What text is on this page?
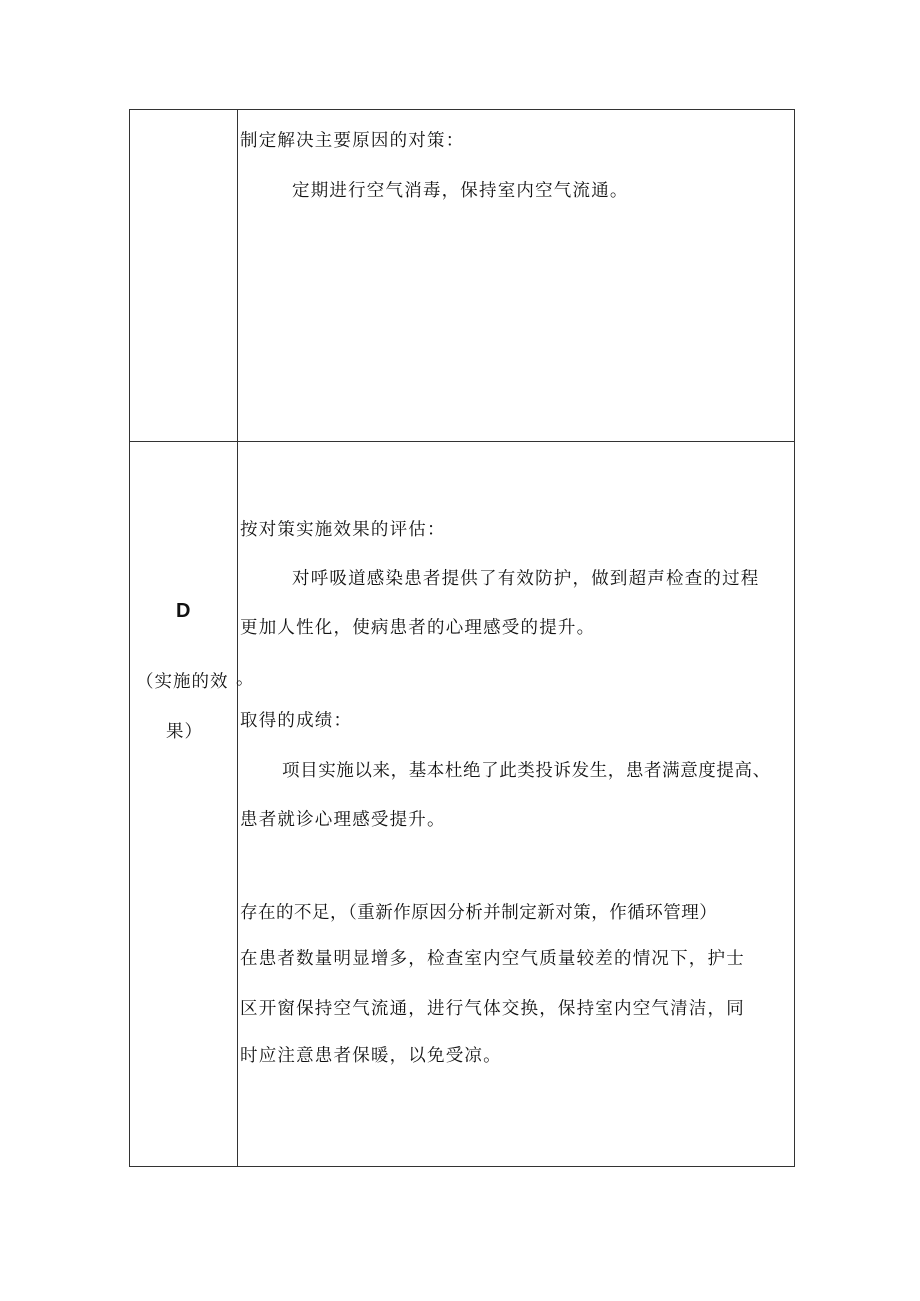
制定解决主要原因的对策：
定期进行空气消毒，保持室内空气流通。
D
（实施的效
果）
按对策实施效果的评估：
对呼吸道感染患者提供了有效防护，做到超声检查的过程
更加人性化，使病患者的心理感受的提升。
。
取得的成绩：
项目实施以来，基本杜绝了此类投诉发生，患者满意度提高、
患者就诊心理感受提升。
存在的不足，（重新作原因分析并制定新对策，作循环管理）
在患者数量明显增多，检查室内空气质量较差的情况下，护士
区开窗保持空气流通，进行气体交换，保持室内空气清洁，同
时应注意患者保暖，以免受凉。
